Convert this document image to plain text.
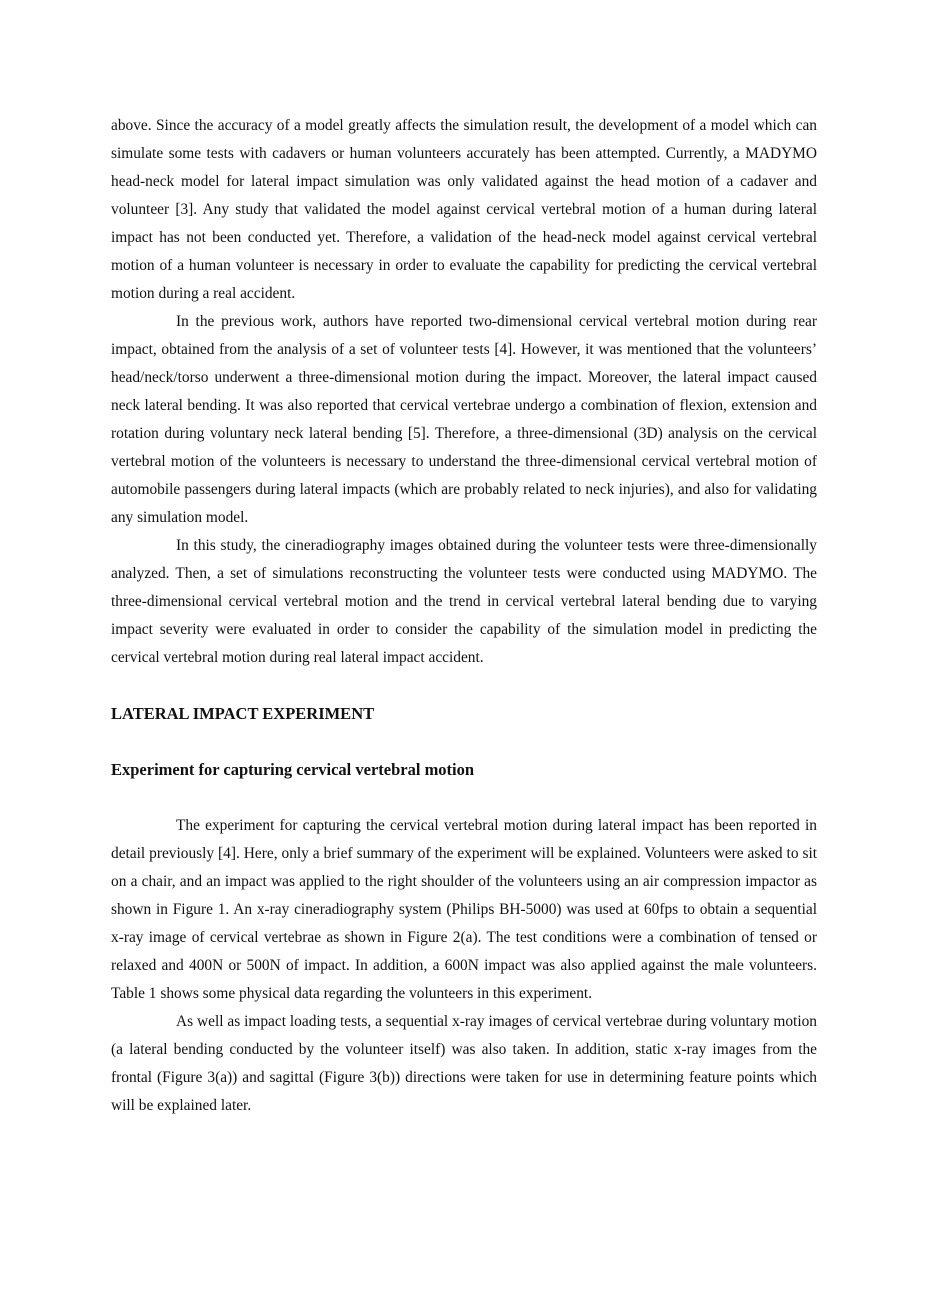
above. Since the accuracy of a model greatly affects the simulation result, the development of a model which can simulate some tests with cadavers or human volunteers accurately has been attempted. Currently, a MADYMO head-neck model for lateral impact simulation was only validated against the head motion of a cadaver and volunteer [3]. Any study that validated the model against cervical vertebral motion of a human during lateral impact has not been conducted yet. Therefore, a validation of the head-neck model against cervical vertebral motion of a human volunteer is necessary in order to evaluate the capability for predicting the cervical vertebral motion during a real accident.

In the previous work, authors have reported two-dimensional cervical vertebral motion during rear impact, obtained from the analysis of a set of volunteer tests [4]. However, it was mentioned that the volunteers’ head/neck/torso underwent a three-dimensional motion during the impact. Moreover, the lateral impact caused neck lateral bending. It was also reported that cervical vertebrae undergo a combination of flexion, extension and rotation during voluntary neck lateral bending [5]. Therefore, a three-dimensional (3D) analysis on the cervical vertebral motion of the volunteers is necessary to understand the three-dimensional cervical vertebral motion of automobile passengers during lateral impacts (which are probably related to neck injuries), and also for validating any simulation model.

In this study, the cineradiography images obtained during the volunteer tests were three-dimensionally analyzed. Then, a set of simulations reconstructing the volunteer tests were conducted using MADYMO. The three-dimensional cervical vertebral motion and the trend in cervical vertebral lateral bending due to varying impact severity were evaluated in order to consider the capability of the simulation model in predicting the cervical vertebral motion during real lateral impact accident.

LATERAL IMPACT EXPERIMENT
Experiment for capturing cervical vertebral motion

The experiment for capturing the cervical vertebral motion during lateral impact has been reported in detail previously [4]. Here, only a brief summary of the experiment will be explained. Volunteers were asked to sit on a chair, and an impact was applied to the right shoulder of the volunteers using an air compression impactor as shown in Figure 1. An x-ray cineradiography system (Philips BH-5000) was used at 60fps to obtain a sequential x-ray image of cervical vertebrae as shown in Figure 2(a). The test conditions were a combination of tensed or relaxed and 400N or 500N of impact. In addition, a 600N impact was also applied against the male volunteers. Table 1 shows some physical data regarding the volunteers in this experiment.

As well as impact loading tests, a sequential x-ray images of cervical vertebrae during voluntary motion (a lateral bending conducted by the volunteer itself) was also taken. In addition, static x-ray images from the frontal (Figure 3(a)) and sagittal (Figure 3(b)) directions were taken for use in determining feature points which will be explained later.
